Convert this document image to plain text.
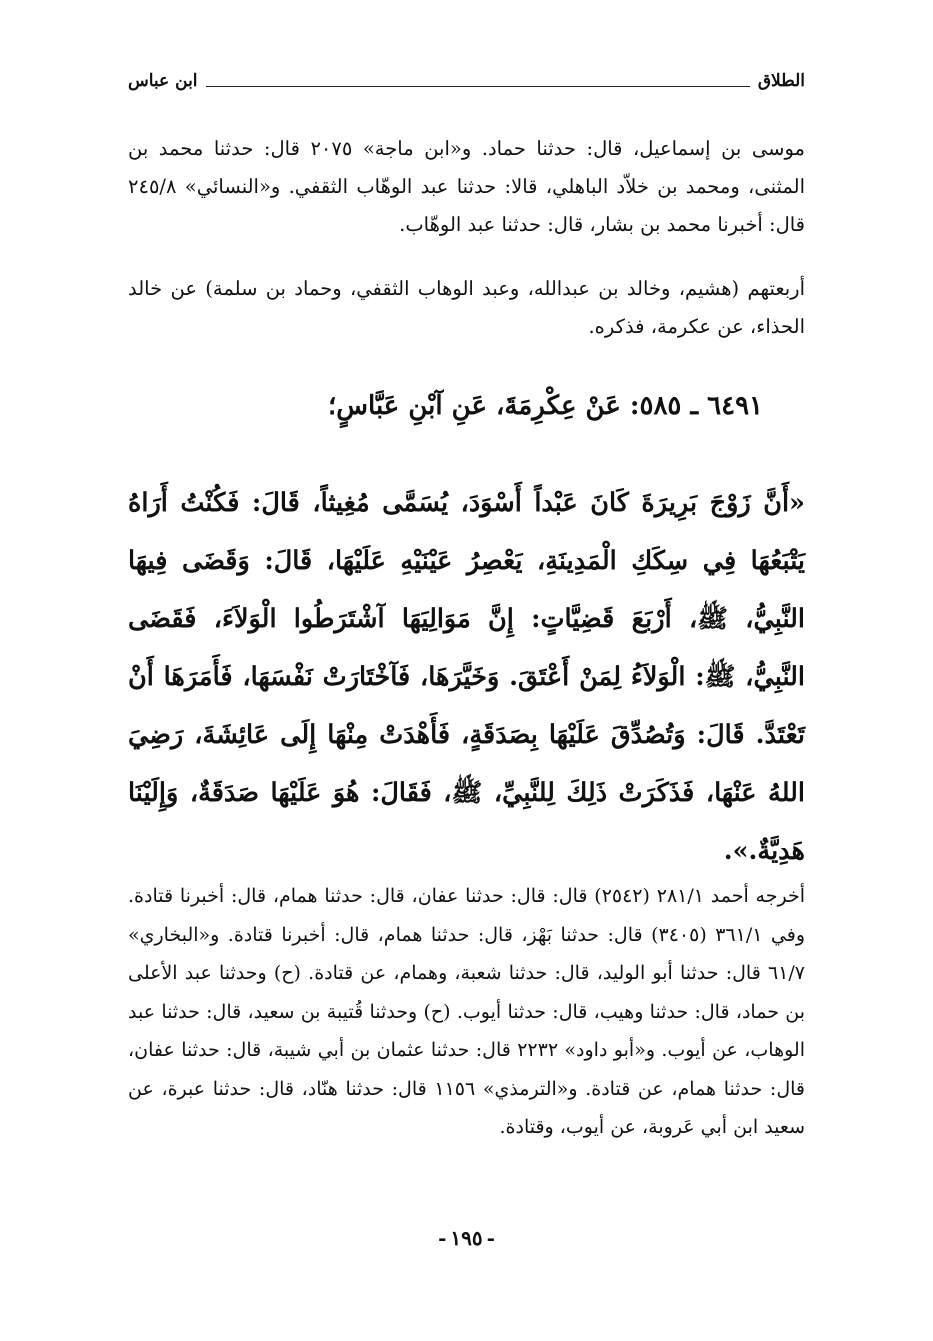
الطلاق
ابن عباس

موسى بن إسماعيل، قال: حدثنا حماد. و«ابن ماجة» ٢٠٧٥ قال: حدثنا محمد بن المثنى، ومحمد بن خلاّد الباهلي، قالا: حدثنا عبد الوهّاب الثقفي. و«النسائي» ٢٤٥/٨ قال: أخبرنا محمد بن بشار، قال: حدثنا عبد الوهّاب.

أربعتهم (هشيم، وخالد بن عبدالله، وعبد الوهاب الثقفي، وحماد بن سلمة) عن خالد الحذاء، عن عكرمة، فذكره.

٦٤٩١ ـ ٥٨٥: عَنْ عِكْرِمَةَ، عَنِ آبْنِ عَبَّاسٍ؛

«أَنَّ زَوْجَ بَرِيرَةَ كَانَ عَبْداً أَسْوَدَ، يُسَمَّى مُغِيثاً، قَالَ: فَكُنْتُ أَرَاهُ يَتْبَعُهَا فِي سِكَكِ الْمَدِينَةِ، يَعْصِرُ عَيْنَيْهِ عَلَيْهَا، قَالَ: وَقَضَى فِيهَا النَّبِيُّ، ﷺ، أَرْبَعَ قَضِيَّاتٍ: إِنَّ مَوَالِيَهَا آشْتَرَطُوا الْوَلاَءَ، فَقَضَى النَّبِيُّ، ﷺ: الْوَلاَءُ لِمَنْ أَعْتَقَ. وَخَيَّرَهَا، فَآخْتَارَتْ نَفْسَهَا، فَأَمَرَهَا أَنْ تَعْتَدَّ. قَالَ: وَتُصُدِّقَ عَلَيْهَا بِصَدَقَةٍ، فَأَهْدَتْ مِنْهَا إِلَى عَائِشَةَ، رَضِيَ اللهُ عَنْهَا، فَذَكَرَتْ ذَلِكَ لِلنَّبِيِّ، ﷺ، فَقَالَ: هُوَ عَلَيْهَا صَدَقَةٌ، وَإِلَيْنَا هَدِيَّةٌ.».

أخرجه أحمد ٢٨١/١ (٢٥٤٢) قال: قال: حدثنا عفان، قال: حدثنا همام، قال: أخبرنا قتادة. وفي ٣٦١/١ (٣٤٠٥) قال: حدثنا بَهْز، قال: حدثنا همام، قال: أخبرنا قتادة. و«البخاري» ٦١/٧ قال: حدثنا أبو الوليد، قال: حدثنا شعبة، وهمام، عن قتادة. (ح) وحدثنا عبد الأعلى بن حماد، قال: حدثنا وهيب، قال: حدثنا أيوب. (ح) وحدثنا قُتيبة بن سعيد، قال: حدثنا عبد الوهاب، عن أيوب. و«أبو داود» ٢٢٣٢ قال: حدثنا عثمان بن أبي شيبة، قال: حدثنا عفان، قال: حدثنا همام، عن قتادة. و«الترمذي» ١١٥٦ قال: حدثنا هنّاد، قال: حدثنا عبرة، عن سعيد ابن أبي عَروبة، عن أيوب، وقتادة.

-١٩٥-
